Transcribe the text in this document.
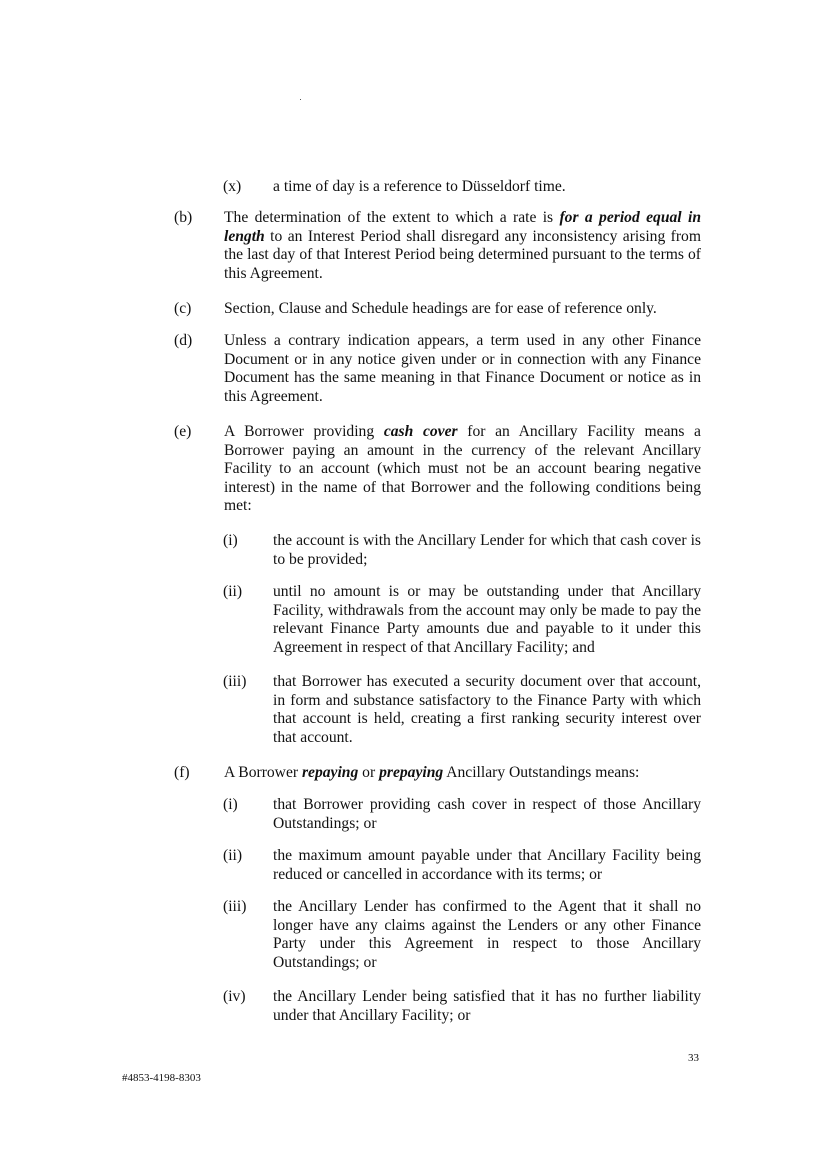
(x) a time of day is a reference to Düsseldorf time.
(b) The determination of the extent to which a rate is for a period equal in length to an Interest Period shall disregard any inconsistency arising from the last day of that Interest Period being determined pursuant to the terms of this Agreement.
(c) Section, Clause and Schedule headings are for ease of reference only.
(d) Unless a contrary indication appears, a term used in any other Finance Document or in any notice given under or in connection with any Finance Document has the same meaning in that Finance Document or notice as in this Agreement.
(e) A Borrower providing cash cover for an Ancillary Facility means a Borrower paying an amount in the currency of the relevant Ancillary Facility to an account (which must not be an account bearing negative interest) in the name of that Borrower and the following conditions being met:
(i) the account is with the Ancillary Lender for which that cash cover is to be provided;
(ii) until no amount is or may be outstanding under that Ancillary Facility, withdrawals from the account may only be made to pay the relevant Finance Party amounts due and payable to it under this Agreement in respect of that Ancillary Facility; and
(iii) that Borrower has executed a security document over that account, in form and substance satisfactory to the Finance Party with which that account is held, creating a first ranking security interest over that account.
(f) A Borrower repaying or prepaying Ancillary Outstandings means:
(i) that Borrower providing cash cover in respect of those Ancillary Outstandings; or
(ii) the maximum amount payable under that Ancillary Facility being reduced or cancelled in accordance with its terms; or
(iii) the Ancillary Lender has confirmed to the Agent that it shall no longer have any claims against the Lenders or any other Finance Party under this Agreement in respect to those Ancillary Outstandings; or
(iv) the Ancillary Lender being satisfied that it has no further liability under that Ancillary Facility; or
33
#4853-4198-8303
